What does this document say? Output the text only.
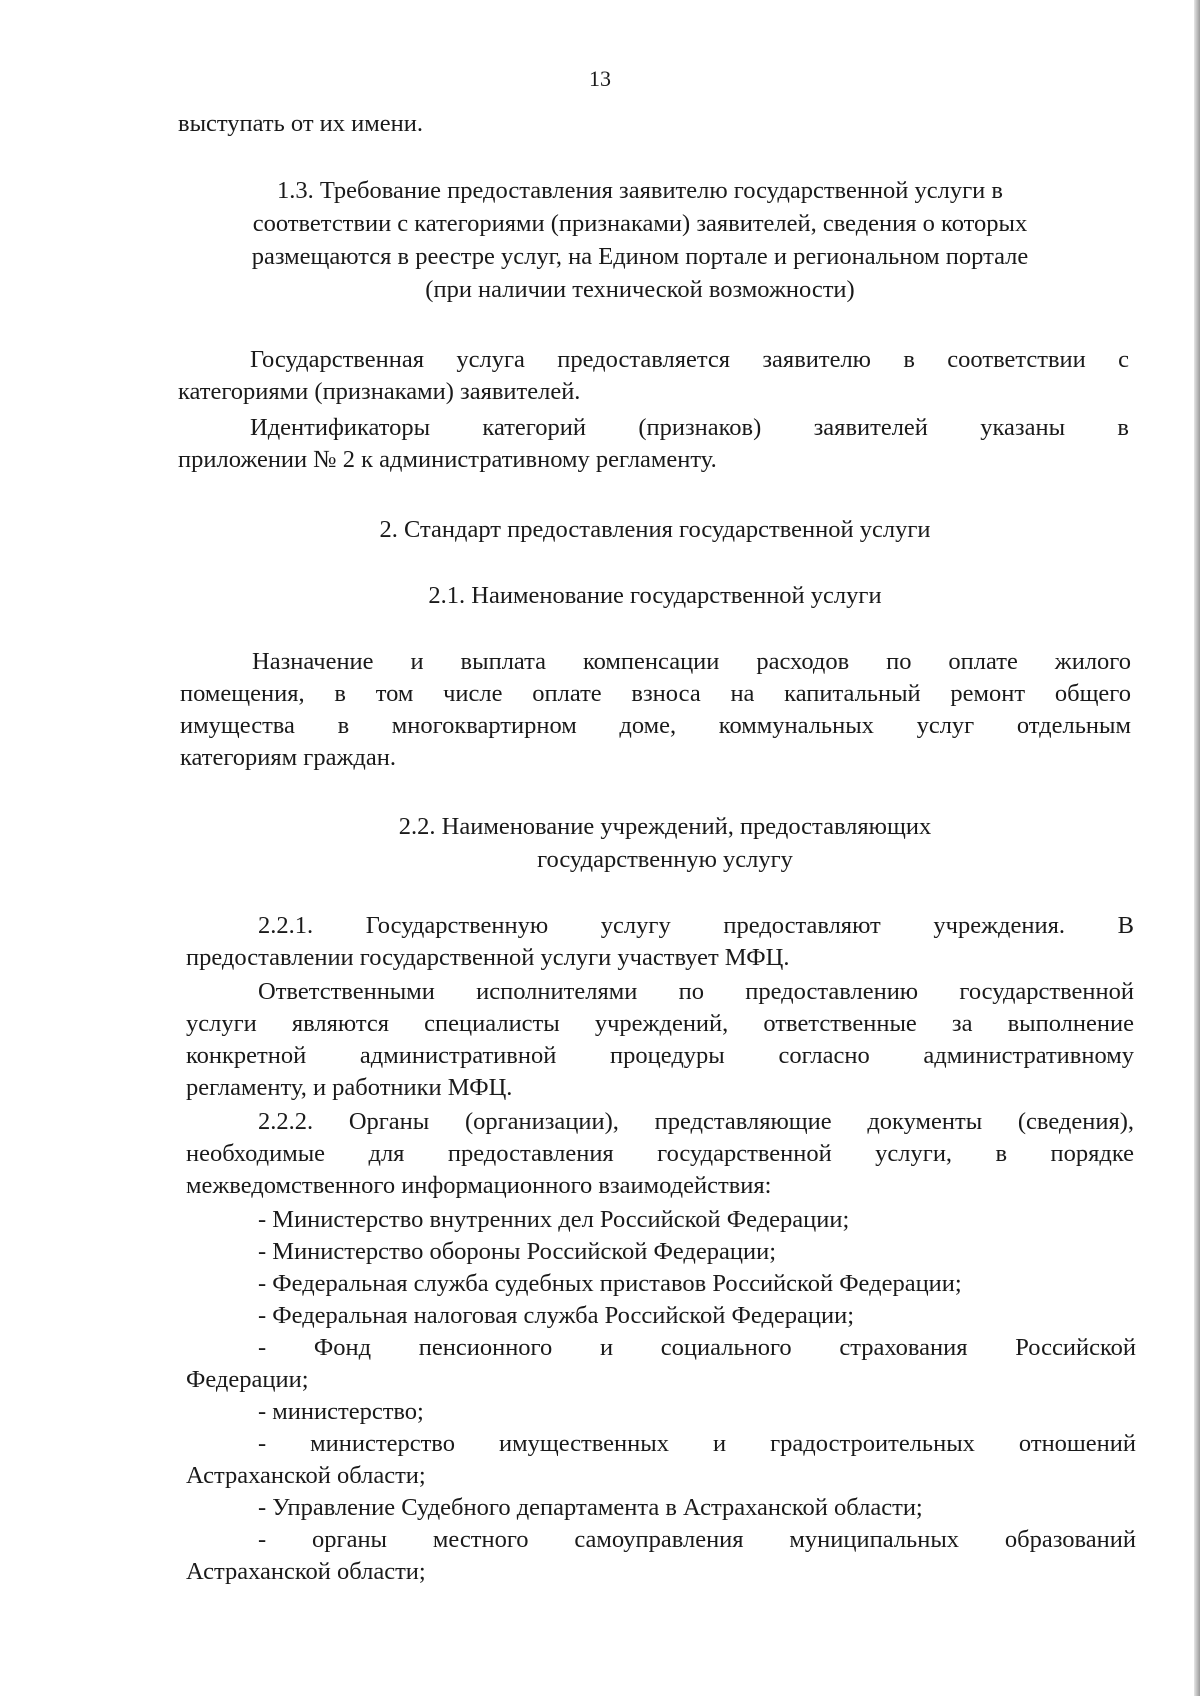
13
выступать от их имени.
1.3. Требование предоставления заявителю государственной услуги в
соответствии с категориями (признаками) заявителей, сведения о которых
размещаются в реестре услуг, на Едином портале и региональном портале
(при наличии технической возможности)
Государственная услуга предоставляется заявителю в соответствии с
категориями (признаками) заявителей.
Идентификаторы категорий (признаков) заявителей указаны в
приложении № 2 к административному регламенту.
2. Стандарт предоставления государственной услуги
2.1. Наименование государственной услуги
Назначение и выплата компенсации расходов по оплате жилого
помещения, в том числе оплате взноса на капитальный ремонт общего
имущества в многоквартирном доме, коммунальных услуг отдельным
категориям граждан.
2.2. Наименование учреждений, предоставляющих
государственную услугу
2.2.1. Государственную услугу предоставляют учреждения. В
предоставлении государственной услуги участвует МФЦ.
Ответственными исполнителями по предоставлению государственной
услуги являются специалисты учреждений, ответственные за выполнение
конкретной административной процедуры согласно административному
регламенту, и работники МФЦ.
2.2.2. Органы (организации), представляющие документы (сведения),
необходимые для предоставления государственной услуги, в порядке
межведомственного информационного взаимодействия:
- Министерство внутренних дел Российской Федерации;
- Министерство обороны Российской Федерации;
- Федеральная служба судебных приставов Российской Федерации;
- Федеральная налоговая служба Российской Федерации;
- Фонд пенсионного и социального страхования Российской
Федерации;
- министерство;
- министерство имущественных и градостроительных отношений
Астраханской области;
- Управление Судебного департамента в Астраханской области;
- органы местного самоуправления муниципальных образований
Астраханской области;
